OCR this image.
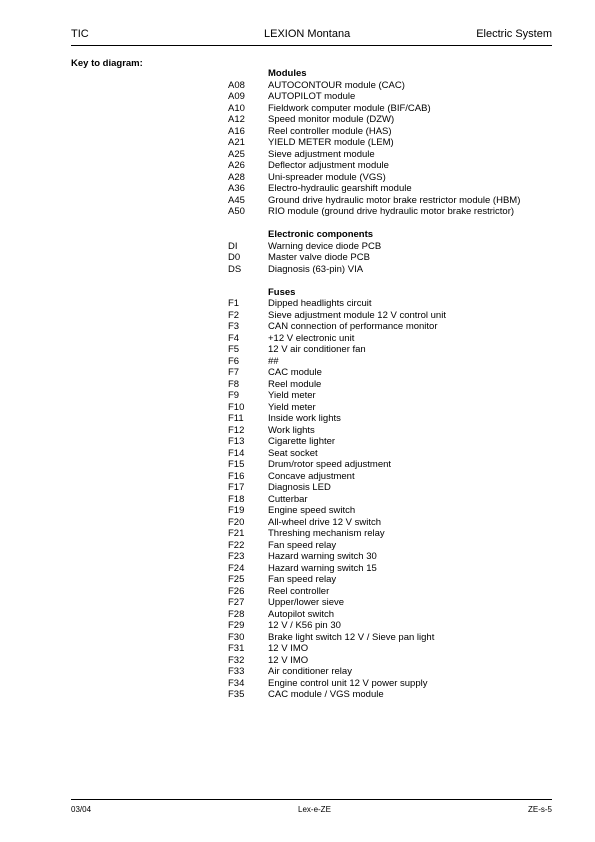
TIC	LEXION Montana	Electric System
Key to diagram:
Modules
A08	AUTOCONTOUR module (CAC)
A09	AUTOPILOT module
A10	Fieldwork computer module (BIF/CAB)
A12	Speed monitor module (DZW)
A16	Reel controller module (HAS)
A21	YIELD METER module (LEM)
A25	Sieve adjustment module
A26	Deflector adjustment module
A28	Uni-spreader module (VGS)
A36	Electro-hydraulic gearshift module
A45	Ground drive hydraulic motor brake restrictor module (HBM)
A50	RIO module (ground drive hydraulic motor brake restrictor)
Electronic components
DI	Warning device diode PCB
D0	Master valve diode PCB
DS	Diagnosis (63-pin) VIA
Fuses
F1	Dipped headlights circuit
F2	Sieve adjustment module 12 V control unit
F3	CAN connection of performance monitor
F4	+12 V electronic unit
F5	12 V air conditioner fan
F6	##
F7	CAC module
F8	Reel module
F9	Yield meter
F10	Yield meter
F11	Inside work lights
F12	Work lights
F13	Cigarette lighter
F14	Seat socket
F15	Drum/rotor speed adjustment
F16	Concave adjustment
F17	Diagnosis LED
F18	Cutterbar
F19	Engine speed switch
F20	All-wheel drive 12 V switch
F21	Threshing mechanism relay
F22	Fan speed relay
F23	Hazard warning switch 30
F24	Hazard warning switch 15
F25	Fan speed relay
F26	Reel controller
F27	Upper/lower sieve
F28	Autopilot switch
F29	12 V / K56 pin 30
F30	Brake light switch 12 V / Sieve pan light
F31	12 V IMO
F32	12 V IMO
F33	Air conditioner relay
F34	Engine control unit 12 V power supply
F35	CAC module / VGS module
03/04	Lex-e-ZE	ZE-s-5
